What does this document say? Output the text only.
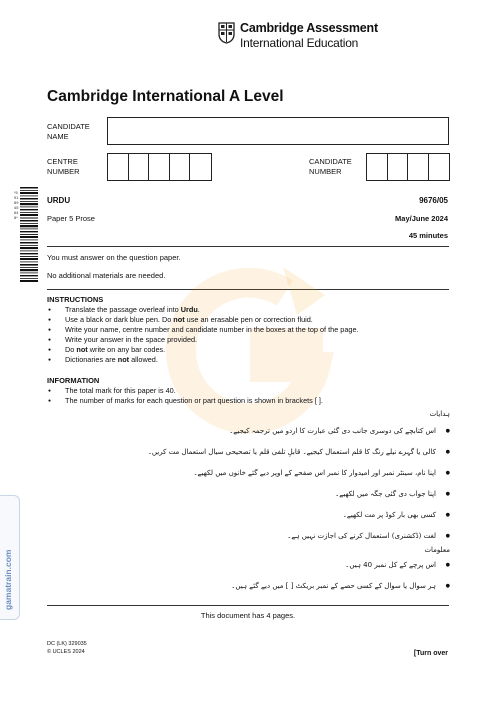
Cambridge Assessment
International Education
Cambridge International A Level
CANDIDATE
NAME
CENTRE
NUMBER
CANDIDATE
NUMBER
*5918945648*
URDU	9676/05
Paper 5 Prose	May/June 2024
45 minutes
You must answer on the question paper.
No additional materials are needed.
INSTRUCTIONS
● Translate the passage overleaf into Urdu.
● Use a black or dark blue pen. Do not use an erasable pen or correction fluid.
● Write your name, centre number and candidate number in the boxes at the top of the page.
● Write your answer in the space provided.
● Do not write on any bar codes.
● Dictionaries are not allowed.
INFORMATION
● The total mark for this paper is 40.
● The number of marks for each question or part question is shown in brackets [ ].
ہدایات
● اس کتابچے کی دوسری جانب دی گئی عبارت کا اردو میں ترجمہ کیجیے۔
● کالی یا گہرے نیلے رنگ کا قلم استعمال کیجیے۔ قابلِ تلفی قلم یا تصحیحی سیال استعمال مت کریں۔
● اپنا نام، سینٹر نمبر اور امیدوار کا نمبر اس صفحے کے اوپر دیے گئے خانوں میں لکھیے۔
● اپنا جواب دی گئی جگہ میں لکھیے۔
● کسی بھی بار کوڈ پر مت لکھیے۔
● لغت (ڈکشنری) استعمال کرنے کی اجازت نہیں ہے۔
معلومات
● اس پرچے کے کل نمبر 40 ہیں۔
● ہر سوال یا سوال کے کسی حصے کے نمبر بریکٹ [ ] میں دیے گئے ہیں۔
gamatrain.com
This document has 4 pages.
DC (LK) 329035
© UCLES 2024	[Turn over
